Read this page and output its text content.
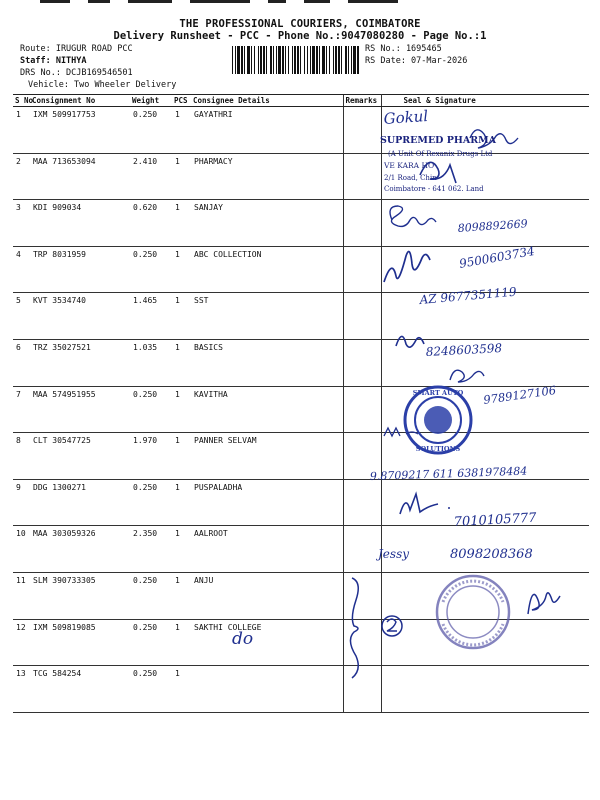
THE PROFESSIONAL COURIERS, COIMBATORE
Delivery Runsheet - PCC - Phone No.:9047080280 - Page No.:1
Route: IRUGUR ROAD PCC
Staff: NITHYA
DRS No.: DCJB169546501
Vehicle: Two Wheeler Delivery
RS No.: 1695465
RS Date: 07-Mar-2026
S No	Consignment No	Weight	PCS	Consignee Details	Remarks	Seal & Signature
1	IXM 509917753	0.250	1	GAYATHRI		
2	MAA 713653094	2.410	1	PHARMACY		
3	KDI 909034	0.620	1	SANJAY		
4	TRP 8031959	0.250	1	ABC COLLECTION		
5	KVT 3534740	1.465	1	SST		
6	TRZ 35027521	1.035	1	BASICS		
7	MAA 574951955	0.250	1	KAVITHA		
8	CLT 30547725	1.970	1	PANNER SELVAM		
9	DDG 1300271	0.250	1	PUSPALADHA		
10	MAA 303059326	2.350	1	AALROOT		
11	SLM 390733305	0.250	1	ANJU		
12	IXM 509819085	0.250	1	SAKTHI COLLEGE		
13	TCG 584254	0.250	1			
Gokul
SUPREMED PHARMA
(A Unit Of Rexanix Drugs Ltd
VE KARA HO
2/1 Road, Chin
Coimbatore - 641 062. Land
8098892669
9500603734
AZ 9677351119
8248603598
9789127106
SMART AUTO
SOLUTIONS
9.8709217 611 6381978484
7010105777
Jessy	8098208368
do
